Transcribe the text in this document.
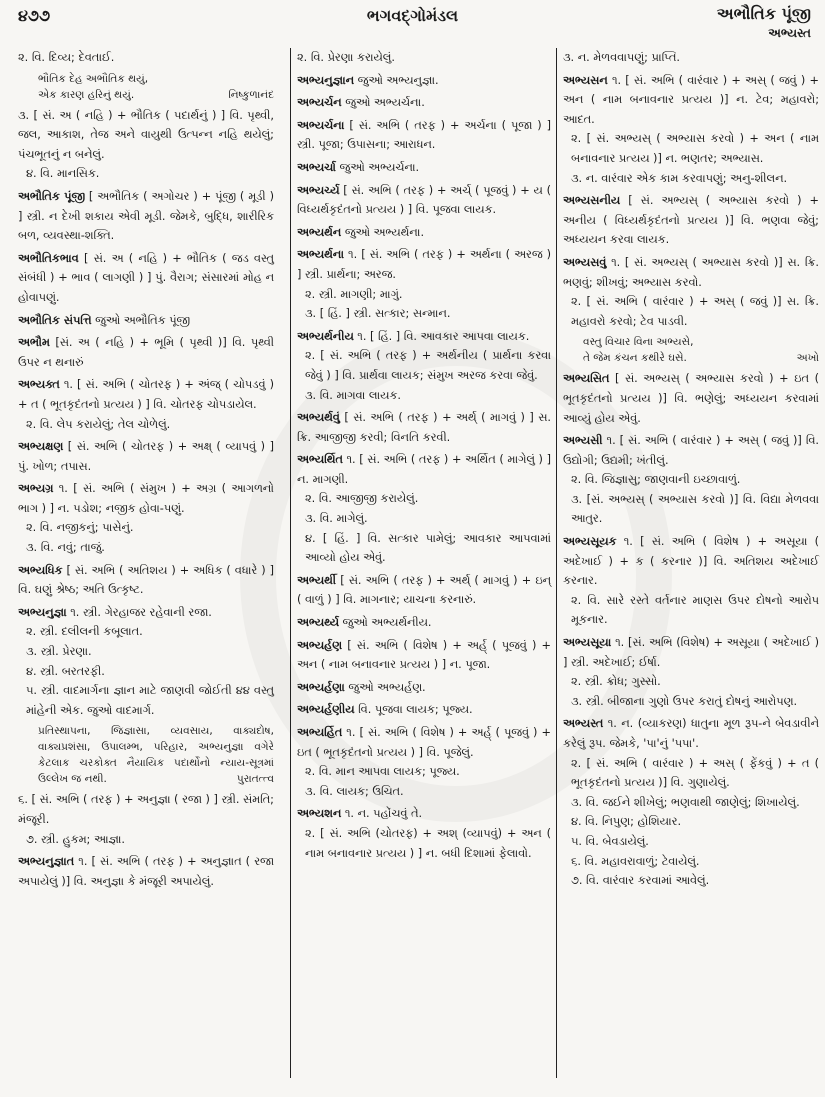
૪૭૭	ભગવદ્ગોમંડલ	અભૌતિક પૂંજી
અભ્યસ્ત
૨. વિ. દિવ્ય; દેવતાઈ.
ભૌતિક દેહ અભૌતિક થયું,
એક કારણ હરિનું થયું.	નિષ્કુળાનંદ
૩. [ સં. અ ( નહિ ) + ભૌતિક ( પદાર્થનું ) ] વિ. પૃથ્વી, જલ, આકાશ, તેજ અને વાયુથી ઉત્પન્ન નહિ થયેલું; પંચભૂતનું ન બનેલું.
૪. વિ. માનસિક.
અભૌતિક પૂંજી [ અભૌતિક ( અગોચર ) + પૂંજી ( મૂડી ) ] સ્ત્રી. ન દેખી શકાય એવી મૂડી. જેમકે, બુદ્ધિ, શારીરિક બળ, વ્યવસ્થા-શક્તિ.
અભૌતિકભાવ [ સં. અ ( નહિ ) + ભૌતિક ( જડ વસ્તુ સંબંધી ) + ભાવ ( લાગણી ) ] પું. વૈરાગ; સંસારમાં મોહ ન હોવાપણું.
અભૌતિક સંપત્તિ જુઓ અભૌતિક પૂંજી
અભૌમ [સં. અ ( નહિ ) + ભૂમિ ( પૃથ્વી )] વિ. પૃથ્વી ઉપર ન થનારું
અભ્યક્ત ૧. [ સં. અભિ ( ચોતરફ ) + અંજ્ ( ચોપડવું ) + ત ( ભૂતકૃદંતનો પ્રત્યય ) ] વિ. ચોતરફ ચોપડાયેલ.
૨. વિ. લેપ કરાયેલું; તેલ ચોળેલું.
અભ્યક્ષણ [ સં. અભિ ( ચોતરફ ) + અક્ષ્ ( વ્યાપવું ) ] પું. ખોળ; તપાસ.
અભ્યગ્ર ૧. [ સં. અભિ ( સંમુખ ) + અગ્ર ( આગળનો ભાગ ) ] ન. પડોશ; નજીક હોવા-પણું.
૨. વિ. નજીકનું; પાસેનું.
૩. વિ. નવું; તાજું.
અભ્યધિક [ સં. અભિ ( અતિશય ) + અધિક ( વધારે ) ] વિ. ઘણું શ્રેષ્ઠ; અતિ ઉત્કૃષ્ટ.
અભ્યનુજ્ઞા ૧. સ્ત્રી. ગેરહાજર રહેવાની રજા.
૨. સ્ત્રી. દલીલની કબૂલાત.
૩. સ્ત્રી. પ્રેરણા.
૪. સ્ત્રી. બરતરફી.
૫. સ્ત્રી. વાદમાર્ગના જ્ઞાન માટે જાણવી જોઈતી ૪૪ વસ્તુ માંહેની એક. જુઓ વાદમાર્ગ.
પ્રતિસ્થાપના, જિજ્ઞાસા, વ્યવસાય, વાક્યદોષ, વાક્યપ્રશંસા, ઉપાલમ્ભ, પરિહાર, અભ્યનુજ્ઞા વગેરે કેટલાક ચરકોક્ત નૈયાયિક પદાર્થોનો ન્યાય-સૂત્રમાં ઉલ્લેખ જ નથી.	પુરાતત્ત્વ
૬. [ સં. અભિ ( તરફ ) + અનુજ્ઞા ( રજા ) ] સ્ત્રી. સંમતિ; મંજૂરી.
૭. સ્ત્રી. હુકમ; આજ્ઞા.
અભ્યનુજ્ઞાત ૧. [ સં. અભિ ( તરફ ) + અનુજ્ઞાત ( રજા અપાયેલું )] વિ. અનુજ્ઞા કે મંજૂરી અપાયેલું.
૨. વિ. પ્રેરણા કરાયેલું.
અભ્યનુજ્ઞાન જુઓ અભ્યનુજ્ઞા.
અભ્યર્ચન જુઓ અભ્યર્ચના.
અભ્યર્ચના [ સં. અભિ ( તરફ ) + અર્ચના ( પૂજા ) ] સ્ત્રી. પૂજા; ઉપાસના; આરાધન.
અભ્યર્ચા જુઓ અભ્યર્ચના.
અભ્યર્ચ્ય [ સં. અભિ ( તરફ ) + અર્ચ્ ( પૂજવું ) + ય ( વિધ્યર્થકૃદંતનો પ્રત્યય ) ] વિ. પૂજવા લાયક.
અભ્યર્થન જુઓ અભ્યર્થના.
અભ્યર્થના ૧. [ સં. અભિ ( તરફ ) + અર્થના ( અરજ ) ] સ્ત્રી. પ્રાર્થના; અરજ.
૨. સ્ત્રી. માગણી; માગું.
૩. [ હિં. ] સ્ત્રી. સત્કાર; સન્માન.
અભ્યર્થનીય ૧. [ હિં. ] વિ. આવકાર આપવા લાયક.
૨. [ સં. અભિ ( તરફ ) + અર્થનીય ( પ્રાર્થના કરવા જેવું ) ] વિ. પ્રાર્થવા લાયક; સંમુખ અરજ કરવા જેવું.
૩. વિ. માગવા લાયક.
અભ્યર્થવું [ સં. અભિ ( તરફ ) + અર્થ્ ( માગવું ) ] સ. ક્રિ. આજીજી કરવી; વિનતિ કરવી.
અભ્યર્થિત ૧. [ સં. અભિ ( તરફ ) + અર્થિત ( માગેલું ) ] ન. માગણી.
૨. વિ. આજીજી કરાયેલું.
૩. વિ. માગેલું.
૪. [ હિં. ] વિ. સત્કાર પામેલું; આવકાર આપવામાં આવ્યો હોય એવું.
અભ્યર્થી [ સં. અભિ ( તરફ ) + અર્થ્ ( માગવું ) + ઇન્ ( વાળું ) ] વિ. માગનાર; યાચના કરનારું.
અભ્યર્થ્ય જુઓ અભ્યર્થનીય.
અભ્યર્હણ [ સં. અભિ ( વિશેષ ) + અર્હ્ ( પૂજવું ) + અન ( નામ બનાવનાર પ્રત્યય ) ] ન. પૂજા.
અભ્યર્હણા જુઓ અભ્યર્હણ.
અભ્યર્હણીય વિ. પૂજવા લાયક; પૂજ્ય.
અભ્યર્હિત ૧. [ સં. અભિ ( વિશેષ ) + અર્હ્ ( પૂજવું ) + ઇત ( ભૂતકૃદંતનો પ્રત્યય ) ] વિ. પૂજેલું.
૨. વિ. માન આપવા લાયક; પૂજ્ય.
૩. વિ. લાયક; ઉચિત.
અભ્યશન ૧. ન. પહોંચવું તે.
૨. [ સં. અભિ (ચોતરફ) + અશ્ (વ્યાપવું) + અન ( નામ બનાવનાર પ્રત્યય ) ] ન. બધી દિશામાં ફેલાવો.
૩. ન. મેળવવાપણું; પ્રાપ્તિ.
અભ્યસન ૧. [ સં. અભિ ( વારંવાર ) + અસ્ ( જવું ) + અન ( નામ બનાવનાર પ્રત્યય )] ન. ટેવ; મહાવરો; આદત.
૨. [ સં. અભ્યસ્ ( અભ્યાસ કરવો ) + અન ( નામ બનાવનાર પ્રત્યય )] ન. ભણતર; અભ્યાસ.
૩. ન. વારંવાર એક કામ કરવાપણું; અનુ-શીલન.
અભ્યસનીય [ સં. અભ્યસ્ ( અભ્યાસ કરવો ) + અનીય ( વિધ્યર્થકૃદંતનો પ્રત્યય )] વિ. ભણવા જેવું; અધ્યયન કરવા લાયક.
અભ્યસવું ૧. [ સં. અભ્યસ્ ( અભ્યાસ કરવો )] સ. ક્રિ. ભણવું; શીખવું; અભ્યાસ કરવો.
૨. [ સં. અભિ ( વારંવાર ) + અસ્ ( જવું )] સ. ક્રિ. મહાવરો કરવો; ટેવ પાડવી.
વસ્તુ વિચાર વિના અભ્યસે,
તે જેમ કંચન કથીરે ઘસે.	અખો
અભ્યસિત [ સં. અભ્યસ્ ( અભ્યાસ કરવો ) + ઇત ( ભૂતકૃદંતનો પ્રત્યય )] વિ. ભણેલું; અધ્યયન કરવામાં આવ્યું હોય એવું.
અભ્યસી ૧. [ સં. અભિ ( વારંવાર ) + અસ્ ( જવું )] વિ. ઉદ્યોગી; ઉદ્યમી; ખંતીલું.
૨. વિ. જિજ્ઞાસુ; જાણવાની ઇચ્છાવાળું.
૩. [સં. અભ્યસ્ ( અભ્યાસ કરવો )] વિ. વિદ્યા મેળવવા આતુર.
અભ્યસૂયક ૧. [ સં. અભિ ( વિશેષ ) + અસૂયા ( અદેખાઈ ) + ક ( કરનાર )] વિ. અતિશય અદેખાઈ કરનાર.
૨. વિ. સારે રસ્તે વર્તનાર માણસ ઉપર દોષનો આરોપ મૂકનાર.
અભ્યસૂયા ૧. [સં. અભિ (વિશેષ) + અસૂયા ( અદેખાઈ ) ] સ્ત્રી. અદેખાઈ; ઈર્ષા.
૨. સ્ત્રી. ક્રોધ; ગુસ્સો.
૩. સ્ત્રી. બીજાના ગુણો ઉપર કરાતું દોષનું આરોપણ.
અભ્યસ્ત ૧. ન. (વ્યાકરણ) ધાતુના મૂળ રૂપ-ને બેવડાવીને કરેલું રૂપ. જેમકે, 'પા'નું 'પપા'.
૨. [ સં. અભિ ( વારંવાર ) + અસ્ ( ફેંકવું ) + ત ( ભૂતકૃદંતનો પ્રત્યય )] વિ. ગુણાયેલું.
૩. વિ. જઈને શીખેલું; ભણવાથી જાણેલું; શિખાયેલું.
૪. વિ. નિપુણ; હોશિયાર.
૫. વિ. બેવડાયેલું.
૬. વિ. મહાવરાવાળું; ટેવાયેલું.
૭. વિ. વારંવાર કરવામાં આવેલું.
